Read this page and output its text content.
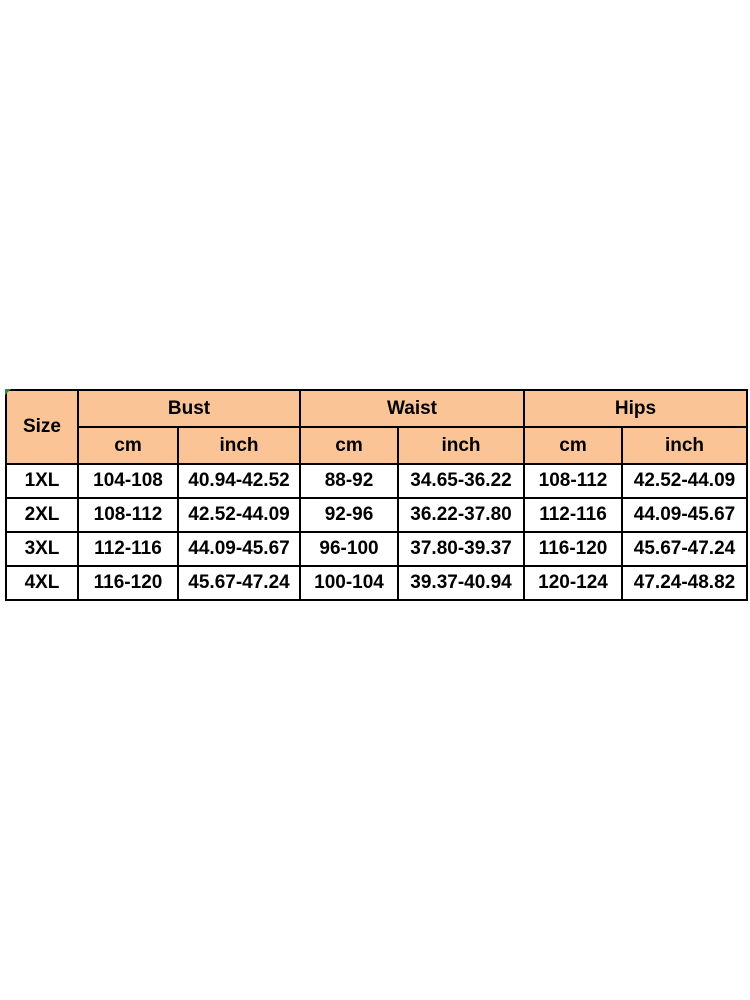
Size	Bust		Waist		Hips	
	cm	inch	cm	inch	cm	inch
1XL	104-108	40.94-42.52	88-92	34.65-36.22	108-112	42.52-44.09
2XL	108-112	42.52-44.09	92-96	36.22-37.80	112-116	44.09-45.67
3XL	112-116	44.09-45.67	96-100	37.80-39.37	116-120	45.67-47.24
4XL	116-120	45.67-47.24	100-104	39.37-40.94	120-124	47.24-48.82
